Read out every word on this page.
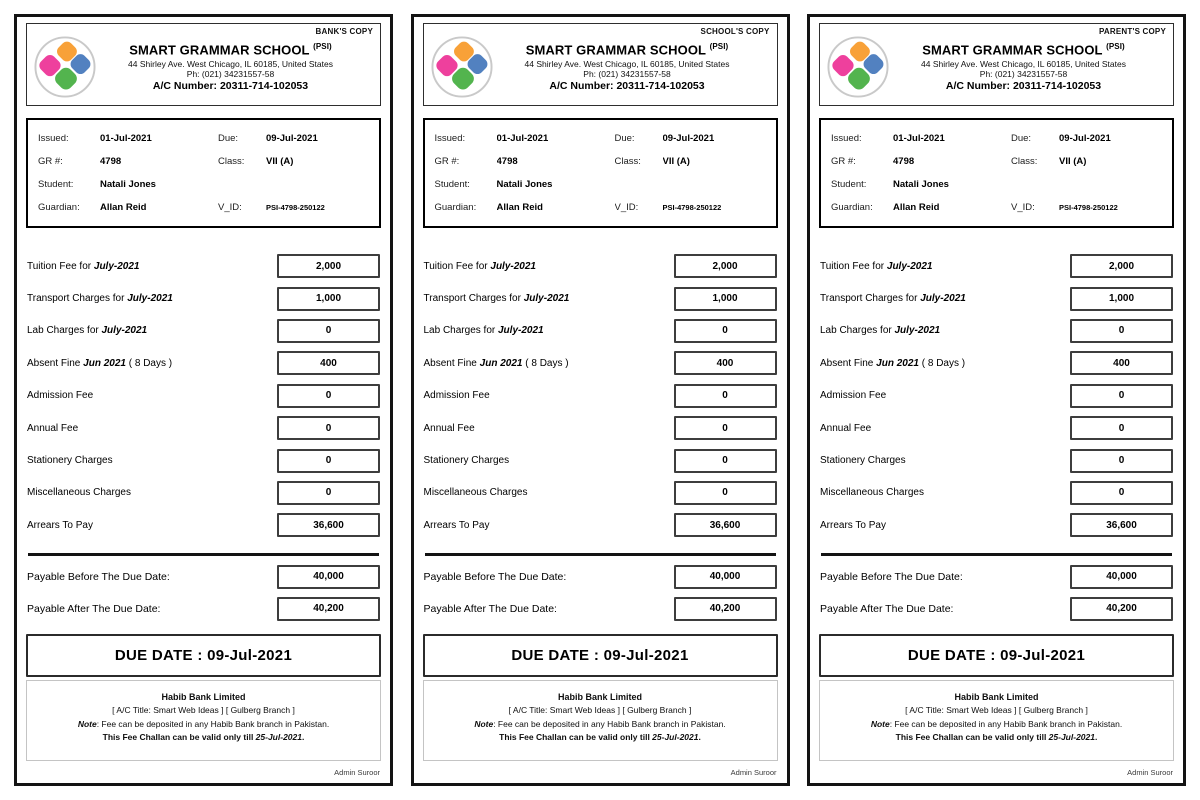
BANK'S COPY
SMART GRAMMAR SCHOOL $^{(PSI)}$
44 Shirley Ave. West Chicago, IL 60185, United States
Ph: (021) 34231557-58
A/C Number: 20311-714-102053
Issued:	01-Jul-2021	Due:	09-Jul-2021
GR #:	4798	Class:	VII (A)
Student:	Natali Jones
Guardian:	Allan Reid	V_ID:	PSI-4798-250122
Tuition Fee for July-2021	2,000
Transport Charges for July-2021	1,000
Lab Charges for July-2021	0
Absent Fine Jun 2021 ( 8 Days )	400
Admission Fee	0
Annual Fee	0
Stationery Charges	0
Miscellaneous Charges	0
Arrears To Pay	36,600
Payable Before The Due Date:	40,000
Payable After The Due Date:	40,200
DUE DATE : 09-Jul-2021
Habib Bank Limited
[ A/C Title: Smart Web Ideas ] [ Gulberg Branch ]
Note: Fee can be deposited in any Habib Bank branch in Pakistan.
This Fee Challan can be valid only till 25-Jul-2021.
Admin Suroor
SCHOOL'S COPY
SMART GRAMMAR SCHOOL $^{(PSI)}$
44 Shirley Ave. West Chicago, IL 60185, United States
Ph: (021) 34231557-58
A/C Number: 20311-714-102053
Issued:	01-Jul-2021	Due:	09-Jul-2021
GR #:	4798	Class:	VII (A)
Student:	Natali Jones
Guardian:	Allan Reid	V_ID:	PSI-4798-250122
Tuition Fee for July-2021	2,000
Transport Charges for July-2021	1,000
Lab Charges for July-2021	0
Absent Fine Jun 2021 ( 8 Days )	400
Admission Fee	0
Annual Fee	0
Stationery Charges	0
Miscellaneous Charges	0
Arrears To Pay	36,600
Payable Before The Due Date:	40,000
Payable After The Due Date:	40,200
DUE DATE : 09-Jul-2021
Habib Bank Limited
[ A/C Title: Smart Web Ideas ] [ Gulberg Branch ]
Note: Fee can be deposited in any Habib Bank branch in Pakistan.
This Fee Challan can be valid only till 25-Jul-2021.
Admin Suroor
PARENT'S COPY
SMART GRAMMAR SCHOOL $^{(PSI)}$
44 Shirley Ave. West Chicago, IL 60185, United States
Ph: (021) 34231557-58
A/C Number: 20311-714-102053
Issued:	01-Jul-2021	Due:	09-Jul-2021
GR #:	4798	Class:	VII (A)
Student:	Natali Jones
Guardian:	Allan Reid	V_ID:	PSI-4798-250122
Tuition Fee for July-2021	2,000
Transport Charges for July-2021	1,000
Lab Charges for July-2021	0
Absent Fine Jun 2021 ( 8 Days )	400
Admission Fee	0
Annual Fee	0
Stationery Charges	0
Miscellaneous Charges	0
Arrears To Pay	36,600
Payable Before The Due Date:	40,000
Payable After The Due Date:	40,200
DUE DATE : 09-Jul-2021
Habib Bank Limited
[ A/C Title: Smart Web Ideas ] [ Gulberg Branch ]
Note: Fee can be deposited in any Habib Bank branch in Pakistan.
This Fee Challan can be valid only till 25-Jul-2021.
Admin Suroor
